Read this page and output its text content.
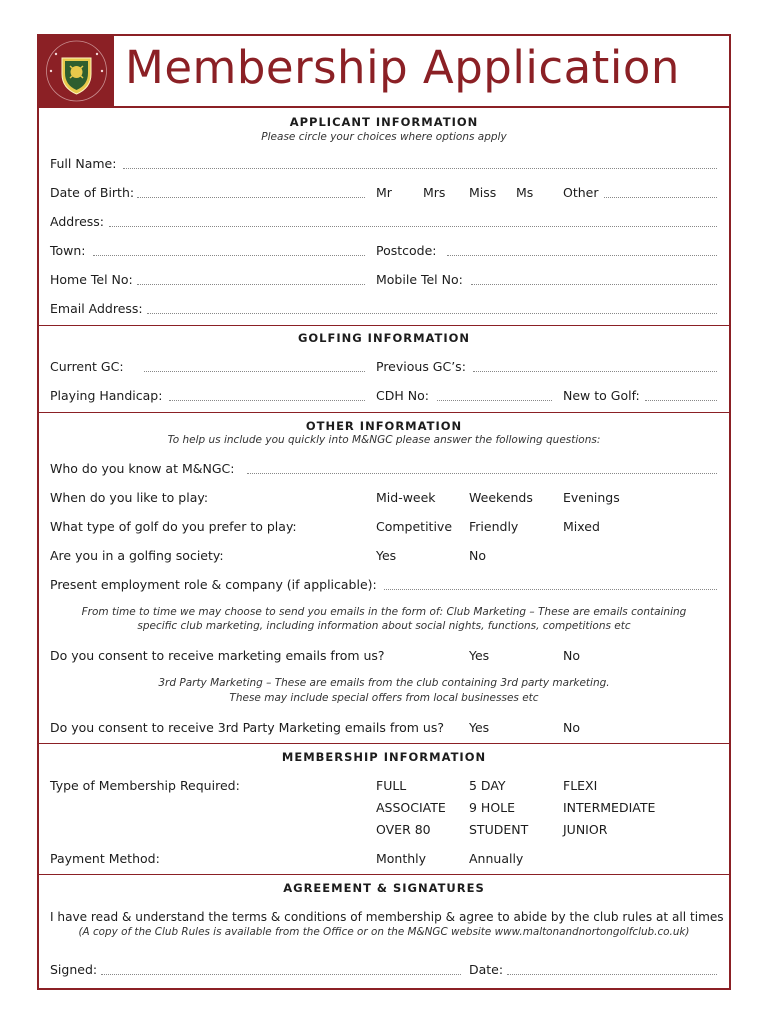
Membership Application
APPLICANT INFORMATION
Please circle your choices where options apply
Full Name:
Date of Birth:	Mr Mrs Miss Ms Other
Address:
Town:	Postcode:
Home Tel No:	Mobile Tel No:
Email Address:
GOLFING INFORMATION
Current GC:	Previous GC’s:
Playing Handicap:	CDH No:	New to Golf:
OTHER INFORMATION
To help us include you quickly into M&NGC please answer the following questions:
Who do you know at M&NGC:
When do you like to play:	Mid-week	Weekends Evenings
What type of golf do you prefer to play:	Competitive Friendly	Mixed
Are you in a golfing society:	Yes	No
Present employment role & company (if applicable):
From time to time we may choose to send you emails in the form of: Club Marketing – These are emails containing
specific club marketing, including information about social nights, functions, competitions etc
Do you consent to receive marketing emails from us?	Yes	No
3rd Party Marketing – These are emails from the club containing 3rd party marketing.
These may include special offers from local businesses etc
Do you consent to receive 3rd Party Marketing emails from us? Yes	No
MEMBERSHIP INFORMATION
Type of Membership Required:	FULL	5 DAY	FLEXI
ASSOCIATE 9 HOLE	INTERMEDIATE
OVER 80	STUDENT	JUNIOR
Payment Method:	Monthly	Annually
AGREEMENT & SIGNATURES
I have read & understand the terms & conditions of membership & agree to abide by the club rules at all times
(A copy of the Club Rules is available from the Office or on the M&NGC website www.maltonandnortongolfclub.co.uk)
Signed:	Date:
